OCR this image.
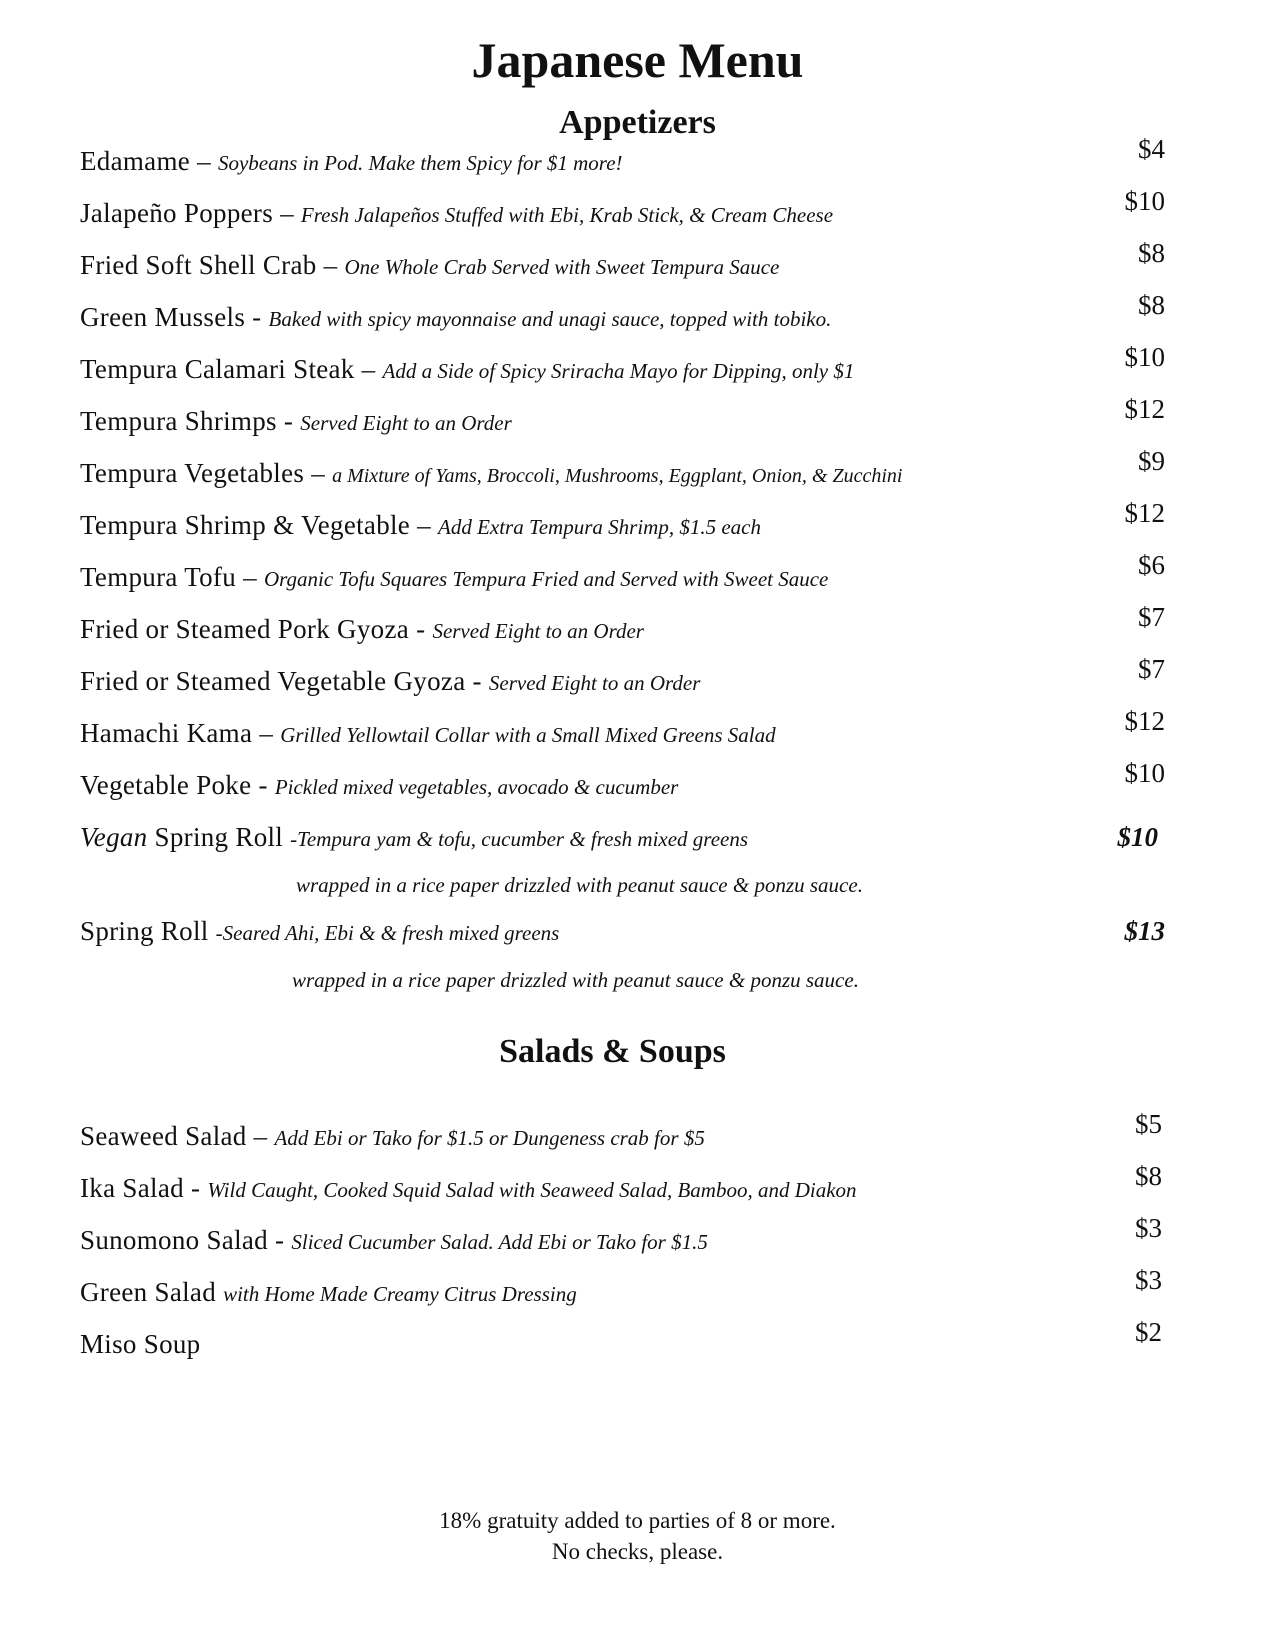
Japanese Menu
Appetizers
Edamame – Soybeans in Pod. Make them Spicy for $1 more!	$4
Jalapeño Poppers – Fresh Jalapeños Stuffed with Ebi, Krab Stick, & Cream Cheese	$10
Fried Soft Shell Crab – One Whole Crab Served with Sweet Tempura Sauce	$8
Green Mussels - Baked with spicy mayonnaise and unagi sauce, topped with tobiko.	$8
Tempura Calamari Steak – Add a Side of Spicy Sriracha Mayo for Dipping, only $1	$10
Tempura Shrimps - Served Eight to an Order	$12
Tempura Vegetables – a Mixture of Yams, Broccoli, Mushrooms, Eggplant, Onion, & Zucchini	$9
Tempura Shrimp & Vegetable – Add Extra Tempura Shrimp, $1.5 each	$12
Tempura Tofu – Organic Tofu Squares Tempura Fried and Served with Sweet Sauce	$6
Fried or Steamed Pork Gyoza - Served Eight to an Order	$7
Fried or Steamed Vegetable Gyoza - Served Eight to an Order	$7
Hamachi Kama – Grilled Yellowtail Collar with a Small Mixed Greens Salad	$12
Vegetable Poke - Pickled mixed vegetables, avocado & cucumber	$10
Vegan Spring Roll -Tempura yam & tofu, cucumber & fresh mixed greens	$10
wrapped in a rice paper drizzled with peanut sauce & ponzu sauce.
Spring Roll -Seared Ahi, Ebi & & fresh mixed greens	$13
wrapped in a rice paper drizzled with peanut sauce & ponzu sauce.
Salads & Soups
Seaweed Salad – Add Ebi or Tako for $1.5 or Dungeness crab for $5	$5
Ika Salad - Wild Caught, Cooked Squid Salad with Seaweed Salad, Bamboo, and Diakon	$8
Sunomono Salad - Sliced Cucumber Salad. Add Ebi or Tako for $1.5	$3
Green Salad with Home Made Creamy Citrus Dressing	$3
Miso Soup	$2
18% gratuity added to parties of 8 or more.
No checks, please.
